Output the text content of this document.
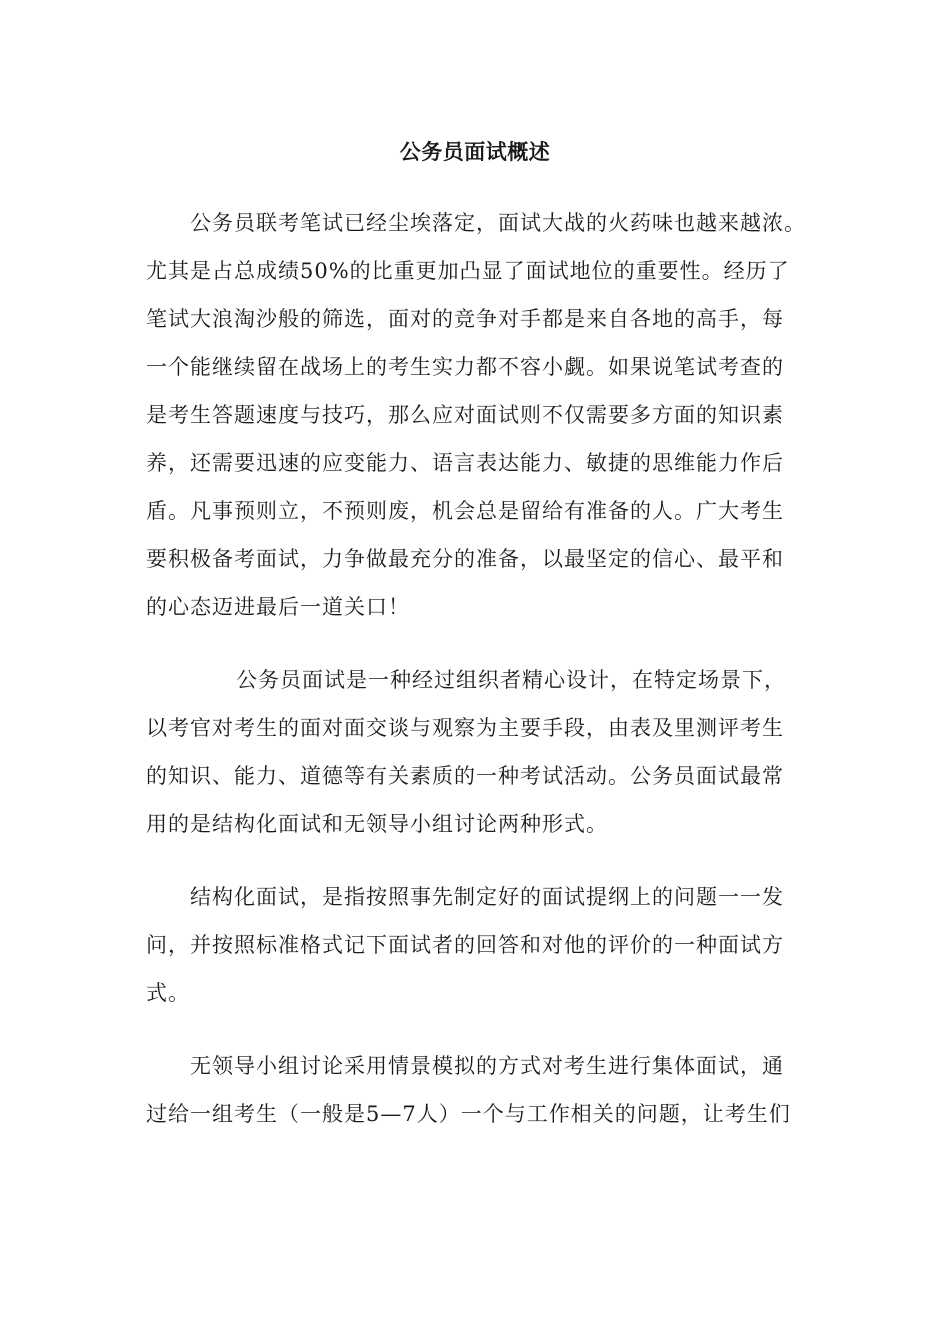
公务员面试概述
公务员联考笔试已经尘埃落定，面试大战的火药味也越来越浓。
尤其是占总成绩50%的比重更加凸显了面试地位的重要性。经历了
笔试大浪淘沙般的筛选，面对的竞争对手都是来自各地的高手，每
一个能继续留在战场上的考生实力都不容小觑。如果说笔试考查的
是考生答题速度与技巧，那么应对面试则不仅需要多方面的知识素
养，还需要迅速的应变能力、语言表达能力、敏捷的思维能力作后
盾。凡事预则立，不预则废，机会总是留给有准备的人。广大考生
要积极备考面试，力争做最充分的准备，以最坚定的信心、最平和
的心态迈进最后一道关口！
公务员面试是一种经过组织者精心设计，在特定场景下，
以考官对考生的面对面交谈与观察为主要手段，由表及里测评考生
的知识、能力、道德等有关素质的一种考试活动。公务员面试最常
用的是结构化面试和无领导小组讨论两种形式。
结构化面试，是指按照事先制定好的面试提纲上的问题一一发
问，并按照标准格式记下面试者的回答和对他的评价的一种面试方
式。
无领导小组讨论采用情景模拟的方式对考生进行集体面试，通
过给一组考生（一般是5—7人）一个与工作相关的问题，让考生们
